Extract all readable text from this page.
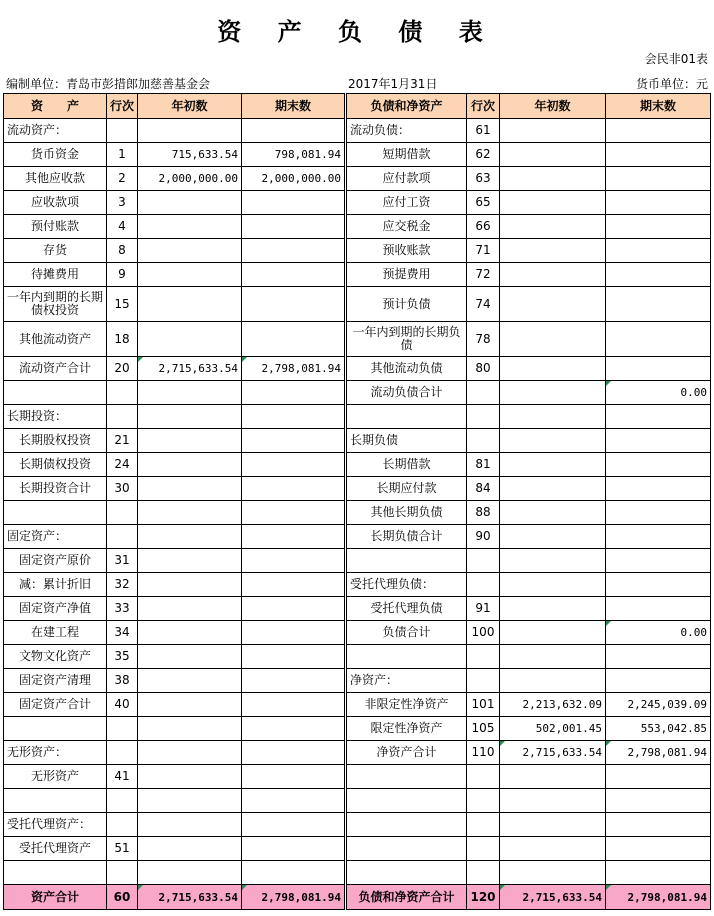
资 产 负 债 表
会民非01表
编制单位：青岛市彭措郎加慈善基金会	2017年1月31日	货币单位：元
资　　产	行次	年初数	期末数	负债和净资产	行次	年初数	期末数
流动资产：				流动负债：	61		
货币资金	1	715,633.54	798,081.94	短期借款	62		
其他应收款	2	2,000,000.00	2,000,000.00	应付款项	63		
应收款项	3			应付工资	65		
预付账款	4			应交税金	66		
存货	8			预收账款	71		
待摊费用	9			预提费用	72		
一年内到期的长期债权投资	15			预计负债	74		
其他流动资产	18			一年内到期的长期负债	78		
流动资产合计	20	2,715,633.54	2,798,081.94	其他流动负债	80		
				流动负债合计			0.00
长期投资：							
长期股权投资	21			长期负债			
长期债权投资	24			长期借款	81		
长期投资合计	30			长期应付款	84		
				其他长期负债	88		
固定资产：				长期负债合计	90		
固定资产原价	31						
减：累计折旧	32			受托代理负债：			
固定资产净值	33			受托代理负债	91		
在建工程	34			负债合计	100		0.00
文物文化资产	35						
固定资产清理	38			净资产：			
固定资产合计	40			非限定性净资产	101	2,213,632.09	2,245,039.09
				限定性净资产	105	502,001.45	553,042.85
无形资产：				净资产合计	110	2,715,633.54	2,798,081.94
无形资产	41						

受托代理资产：							
受托代理资产	51						

资产合计	60	2,715,633.54	2,798,081.94	负债和净资产合计	120	2,715,633.54	2,798,081.94
